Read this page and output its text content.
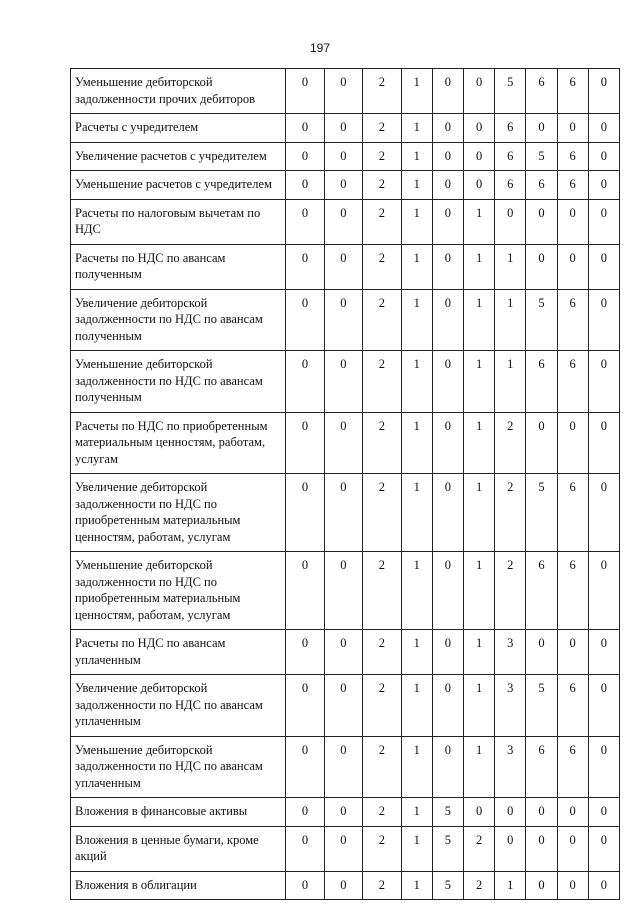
197
Уменьшение дебиторской задолженности прочих дебиторов	0	0	2	1	0	0	5	6	6	0
Расчеты с учредителем	0	0	2	1	0	0	6	0	0	0
Увеличение расчетов с учредителем	0	0	2	1	0	0	6	5	6	0
Уменьшение расчетов с учредителем	0	0	2	1	0	0	6	6	6	0
Расчеты по налоговым вычетам по НДС	0	0	2	1	0	1	0	0	0	0
Расчеты по НДС по авансам полученным	0	0	2	1	0	1	1	0	0	0
Увеличение дебиторской задолженности по НДС по авансам полученным	0	0	2	1	0	1	1	5	6	0
Уменьшение дебиторской задолженности по НДС по авансам полученным	0	0	2	1	0	1	1	6	6	0
Расчеты по НДС по приобретенным материальным ценностям, работам, услугам	0	0	2	1	0	1	2	0	0	0
Увеличение дебиторской задолженности по НДС по приобретенным материальным ценностям, работам, услугам	0	0	2	1	0	1	2	5	6	0
Уменьшение дебиторской задолженности по НДС по приобретенным материальным ценностям, работам, услугам	0	0	2	1	0	1	2	6	6	0
Расчеты по НДС по авансам уплаченным	0	0	2	1	0	1	3	0	0	0
Увеличение дебиторской задолженности по НДС по авансам уплаченным	0	0	2	1	0	1	3	5	6	0
Уменьшение дебиторской задолженности по НДС по авансам уплаченным	0	0	2	1	0	1	3	6	6	0
Вложения в финансовые активы	0	0	2	1	5	0	0	0	0	0
Вложения в ценные бумаги, кроме акций	0	0	2	1	5	2	0	0	0	0
Вложения в облигации	0	0	2	1	5	2	1	0	0	0
